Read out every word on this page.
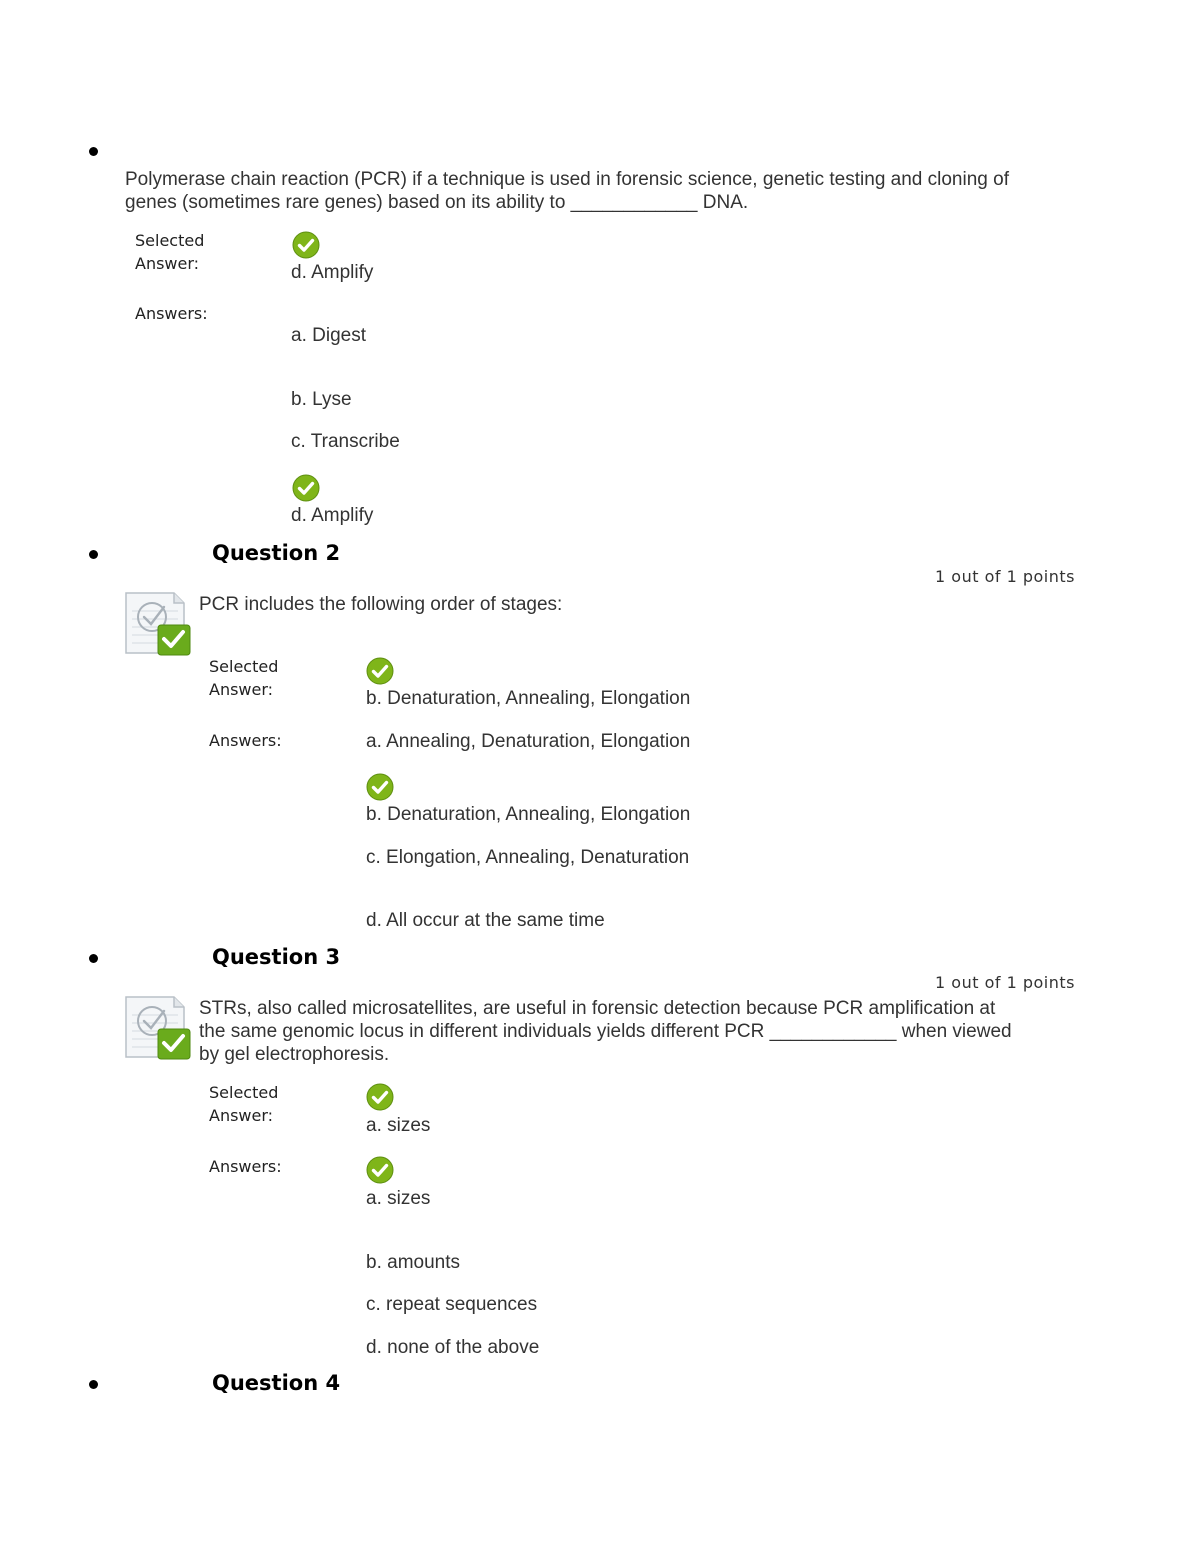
Polymerase chain reaction (PCR) if a technique is used in forensic science, genetic testing and cloning of genes (sometimes rare genes) based on its ability to ____________ DNA.
Selected Answer:	d. Amplify
Answers:
a. Digest
b. Lyse
c. Transcribe
d. Amplify
Question 2
1 out of 1 points
PCR includes the following order of stages:
Selected Answer:	b. Denaturation, Annealing, Elongation
Answers:	a. Annealing, Denaturation, Elongation
b. Denaturation, Annealing, Elongation
c. Elongation, Annealing, Denaturation
d. All occur at the same time
Question 3
1 out of 1 points
STRs, also called microsatellites, are useful in forensic detection because PCR amplification at the same genomic locus in different individuals yields different PCR ____________ when viewed by gel electrophoresis.
Selected Answer:	a. sizes
Answers:
a. sizes
b. amounts
c. repeat sequences
d. none of the above
Question 4
